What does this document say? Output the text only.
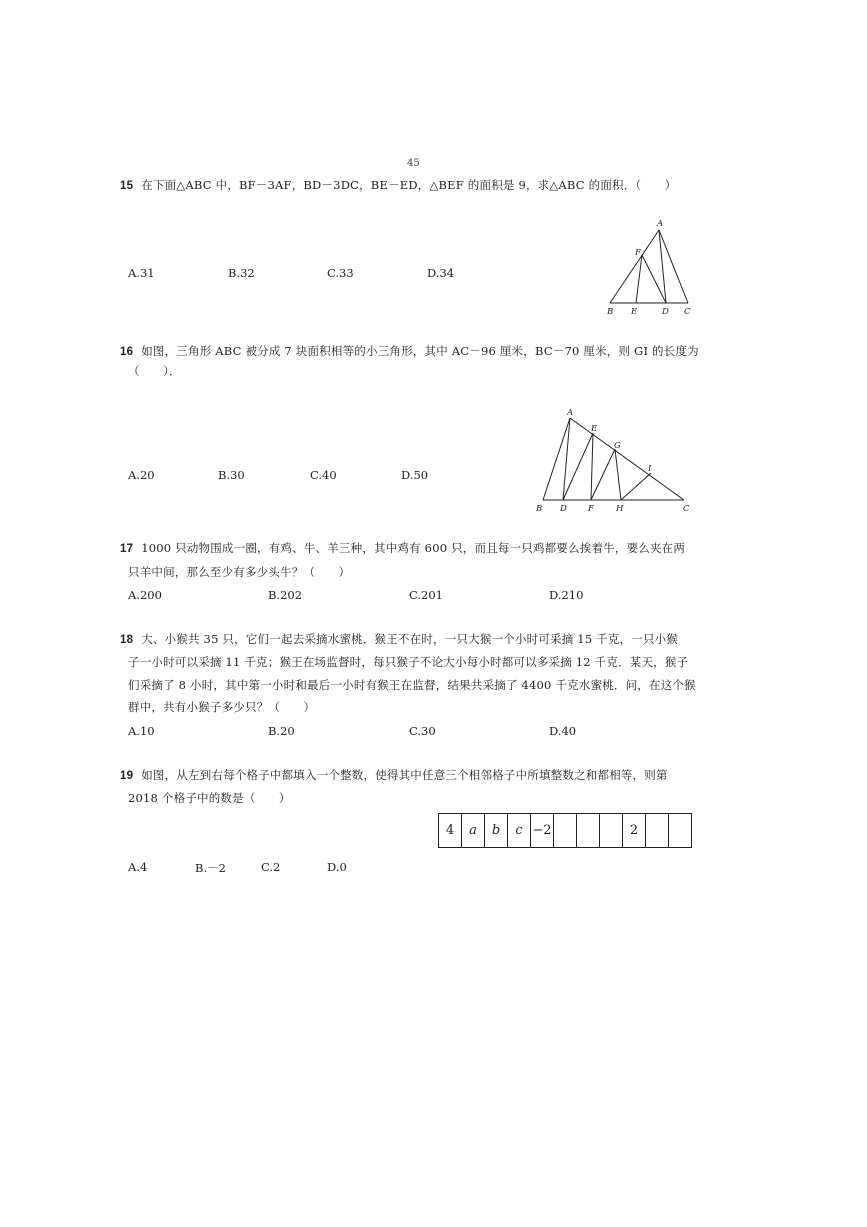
45
15 在下面△ABC 中，BF－3AF，BD－3DC，BE－ED，△BEF 的面积是 9，求△ABC 的面积．（　　）
A.31	B.32	C.33	D.34
A
F
B E	D C
16 如图，三角形 ABC 被分成 7 块面积相等的小三角形，其中 AC－96 厘米，BC－70 厘米，则 GI 的长度为
（　　）．
A.20	B.30	C.40	D.50
A
E
G
I
B D F	H	C
17 1000 只动物围成一圈，有鸡、牛、羊三种，其中鸡有 600 只，而且每一只鸡都要么挨着牛，要么夹在两
只羊中间，那么至少有多少头牛？（　　）
A.200	B.202	C.201	D.210
18 大、小猴共 35 只，它们一起去采摘水蜜桃．猴王不在时，一只大猴一个小时可采摘 15 千克，一只小猴
子一小时可以采摘 11 千克；猴王在场监督时，每只猴子不论大小每小时都可以多采摘 12 千克．某天，猴子
们采摘了 8 小时，其中第一小时和最后一小时有猴王在监督，结果共采摘了 4400 千克水蜜桃．问，在这个猴
群中，共有小猴子多少只？（　　）
A.10	B.20	C.30	D.40
19 如图，从左到右每个格子中都填入一个整数，使得其中任意三个相邻格子中所填整数之和都相等，则第
2018 个格子中的数是（　　）
4	a	b	c −2	2
A.4	B.－2	C.2	D.0
